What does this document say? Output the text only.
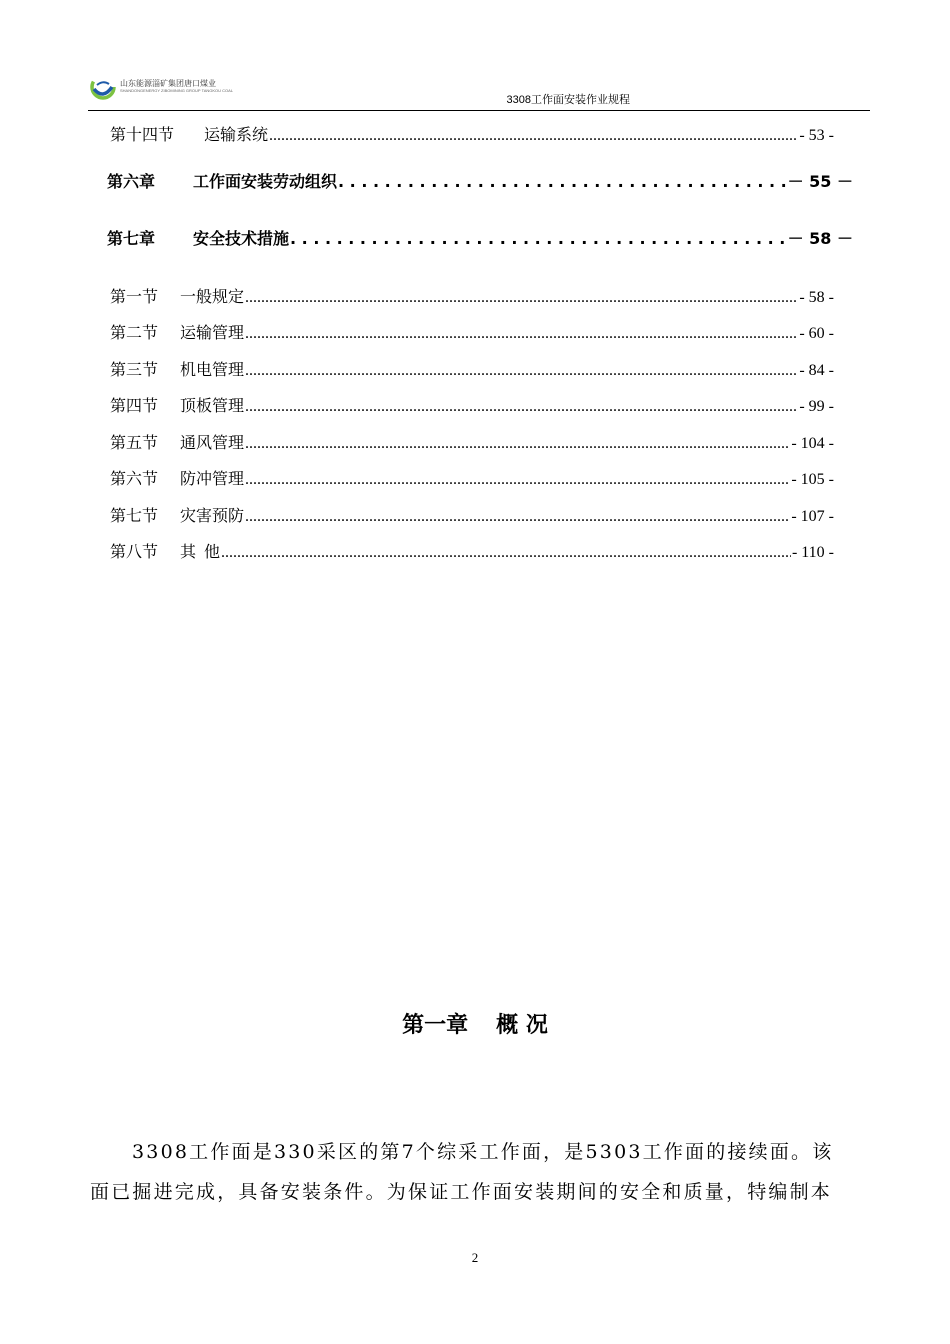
山东能源淄矿集团唐口煤业
SHANDONGENERGY ZIBOMINING GROUP TANGKOU COAL
3308工作面安装作业规程
第十四节	运输系统 .....	- 53 -
第六章	工作面安装劳动组织 . . .	－ 55 －
第七章	安全技术措施 . . .	－ 58 －
第一节	一般规定 .....	- 58 -
第二节	运输管理 .....	- 60 -
第三节	机电管理 .....	- 84 -
第四节	顶板管理 .....	- 99 -
第五节	通风管理 .....	- 104 -
第六节	防冲管理 .....	- 105 -
第七节	灾害预防 .....	- 107 -
第八节	其  他 .....	- 110 -
第一章 概 况
3308工作面是330采区的第7个综采工作面，是5303工作面的接续面。该
面已掘进完成，具备安装条件。为保证工作面安装期间的安全和质量，特编制本
2
